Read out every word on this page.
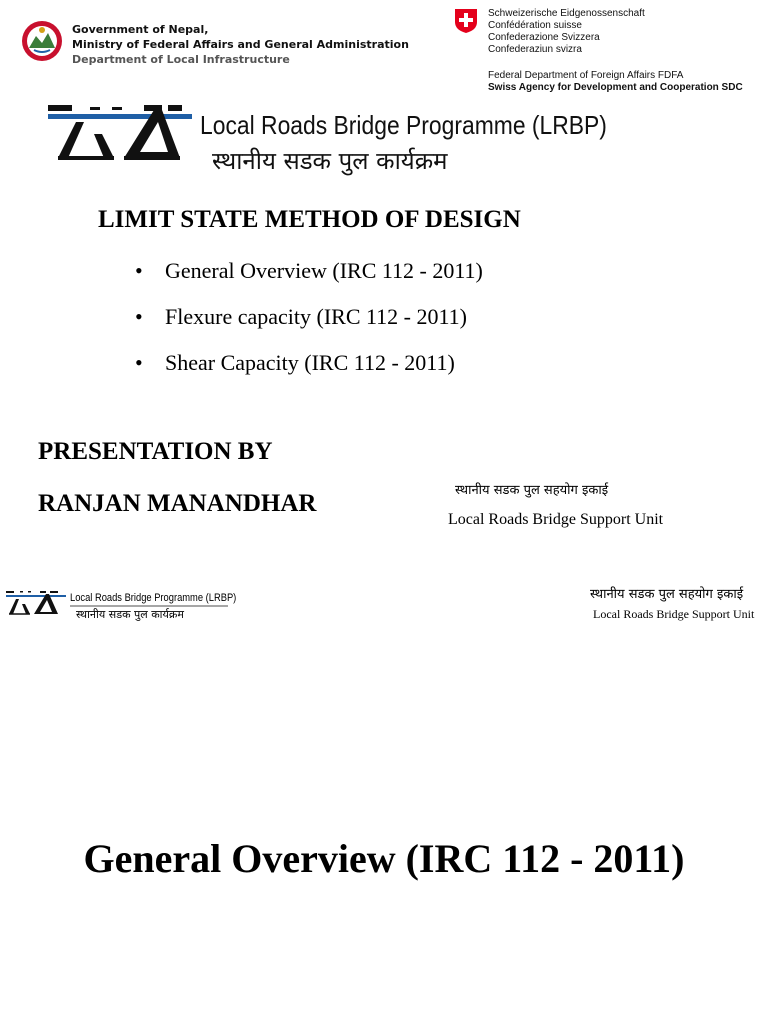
Government of Nepal,
Ministry of Federal Affairs and General Administration
Department of Local Infrastructure
Schweizerische Eidgenossenschaft
Confédération suisse
Confederazione Svizzera
Confederaziun svizra
Federal Department of Foreign Affairs FDFA
Swiss Agency for Development and Cooperation SDC
Local Roads Bridge Programme (LRBP)
स्थानीय सडक पुल कार्यक्रम
LIMIT STATE METHOD OF DESIGN
• General Overview (IRC 112 - 2011)
• Flexure capacity (IRC 112 - 2011)
• Shear Capacity (IRC 112 - 2011)
PRESENTATION BY
RANJAN MANANDHAR	स्थानीय सडक पुल सहयोग इकाई
Local Roads Bridge Support Unit
Local Roads Bridge Programme (LRBP)
स्थानीय सडक पुल कार्यक्रम
स्थानीय सडक पुल सहयोग इकाई
Local Roads Bridge Support Unit
General Overview (IRC 112 - 2011)
